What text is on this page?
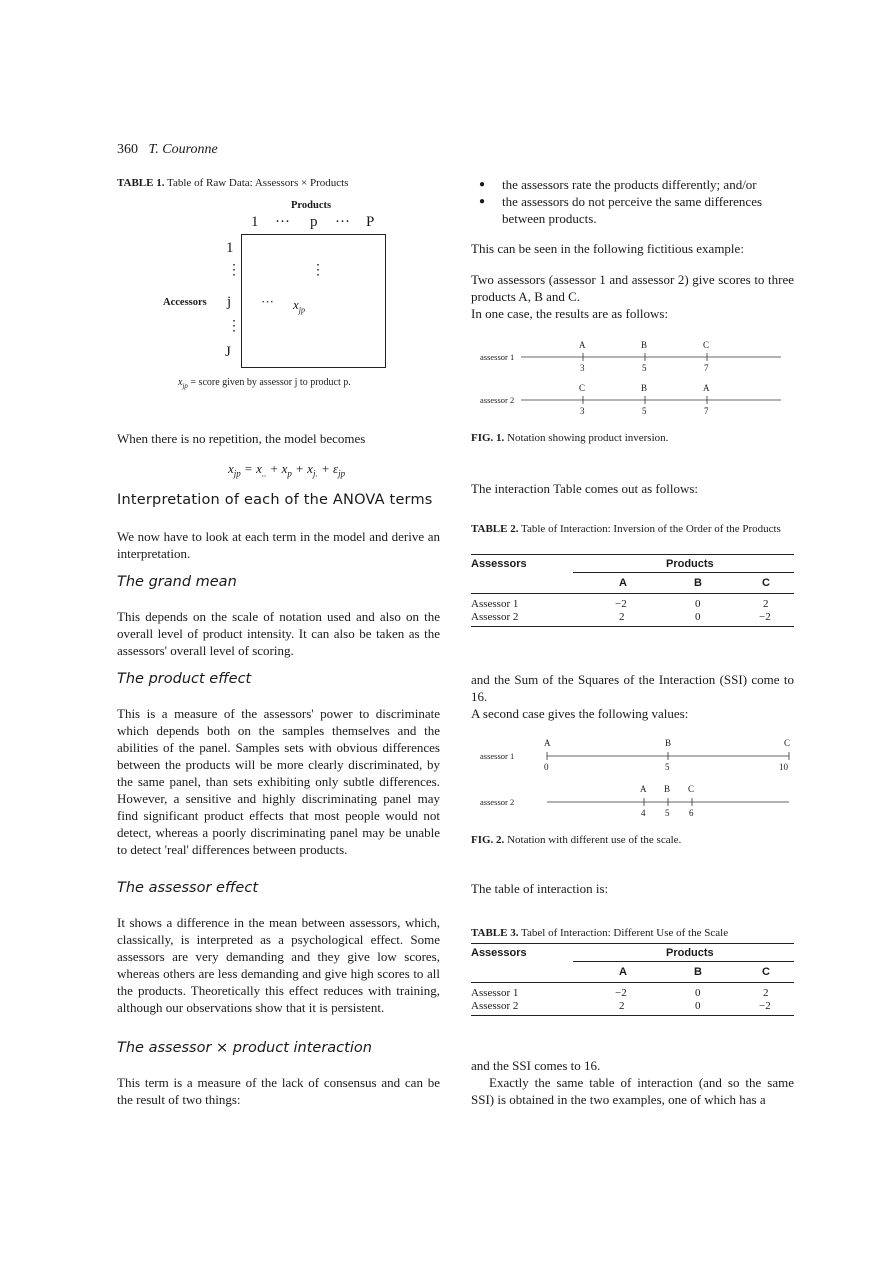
360 T. Couronne
TABLE 1. Table of Raw Data: Assessors × Products
Products
1 ··· p ··· P
1
⋮
j
⋮
J
Accessors
⋮
··· $x_{jp}$
$x_{jp}$ = score given by assessor j to product p.

When there is no repetition, the model becomes

$x_{jp} = x_{..} + x_p + x_{j.} + \varepsilon_{jp}$
Interpretation of each of the ANOVA terms

We now have to look at each term in the model and derive an interpretation.

The grand mean

This depends on the scale of notation used and also on the overall level of product intensity. It can also be taken as the assessors' overall level of scoring.

The product effect

This is a measure of the assessors' power to discriminate which depends both on the samples themselves and the abilities of the panel. Samples sets with obvious differences between the products will be more clearly discriminated, by the same panel, than sets exhibiting only subtle differences. However, a sensitive and highly discriminating panel may find significant product effects that most people would not detect, whereas a poorly discriminating panel may be unable to detect 'real' differences between products.

The assessor effect

It shows a difference in the mean between assessors, which, classically, is interpreted as a psychological effect. Some assessors are very demanding and they give low scores, whereas others are less demanding and give high scores to all the products. Theoretically this effect reduces with training, although our observations show that it is persistent.

The assessor × product interaction

This term is a measure of the lack of consensus and can be the result of two things:

● the assessors rate the products differently; and/or
● the assessors do not perceive the same differences between products.

This can be seen in the following fictitious example:

Two assessors (assessor 1 and assessor 2) give scores to three products A, B and C.

In one case, the results are as follows:

assessor 1
assessor 2
A	B	C
3	5	7
C	B	A
3	5	7
FIG. 1. Notation showing product inversion.

The interaction Table comes out as follows:

TABLE 2. Table of Interaction: Inversion of the Order of the Products
Assessors	Products
A	B	C
Assessor 1	−2	0	2
Assessor 2	2	0	−2

and the Sum of the Squares of the Interaction (SSI) come to 16.

A second case gives the following values:

assessor 1
assessor 2
A	B	C
0	5	10
A B C
4 5 6
FIG. 2. Notation with different use of the scale.

The table of interaction is:

TABLE 3. Tabel of Interaction: Different Use of the Scale
Assessors	Products
A	B	C
Assessor 1	−2	0	2
Assessor 2	2	0	−2

and the SSI comes to 16.

Exactly the same table of interaction (and so the same SSI) is obtained in the two examples, one of which has a
